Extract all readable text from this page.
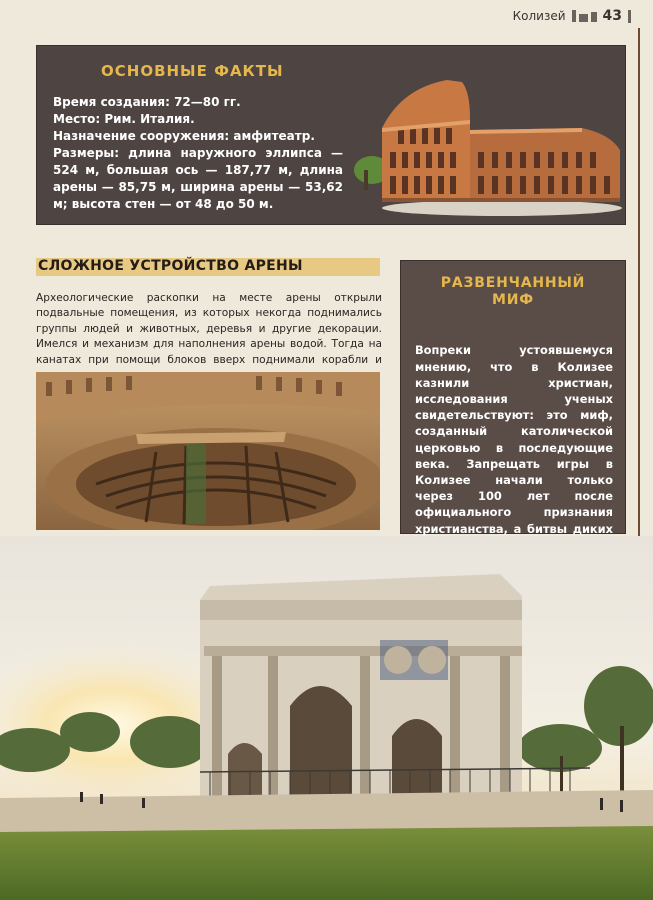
Колизей	43
ОСНОВНЫЕ ФАКТЫ

Время создания: 72—80 гг.

Место: Рим. Италия.

Назначение сооружения: амфитеатр.

Размеры: длина наружного эллипса — 524 м, большая ось — 187,77 м, длина арены — 85,75 м, ширина арены — 53,62 м; высота стен — от 48 до 50 м.

СЛОЖНОЕ УСТРОЙСТВО АРЕНЫ

Археологические раскопки на месте арены открыли подвальные помещения, из которых некогда поднимались группы людей и животных, деревья и другие декорации. Имелся и механизм для наполнения арены водой. Тогда на канатах при помощи блоков вверх поднимали корабли и

РАЗВЕНЧАННЫЙ
МИФ

Вопреки устоявшемуся мнению, что в Колизее казнили христиан, исследования ученых свидетельствуют: это миф, созданный католической церковью в последующие века. Запрещать игры в Колизее начали только через 100 лет после официального признания христианства, а битвы диких
